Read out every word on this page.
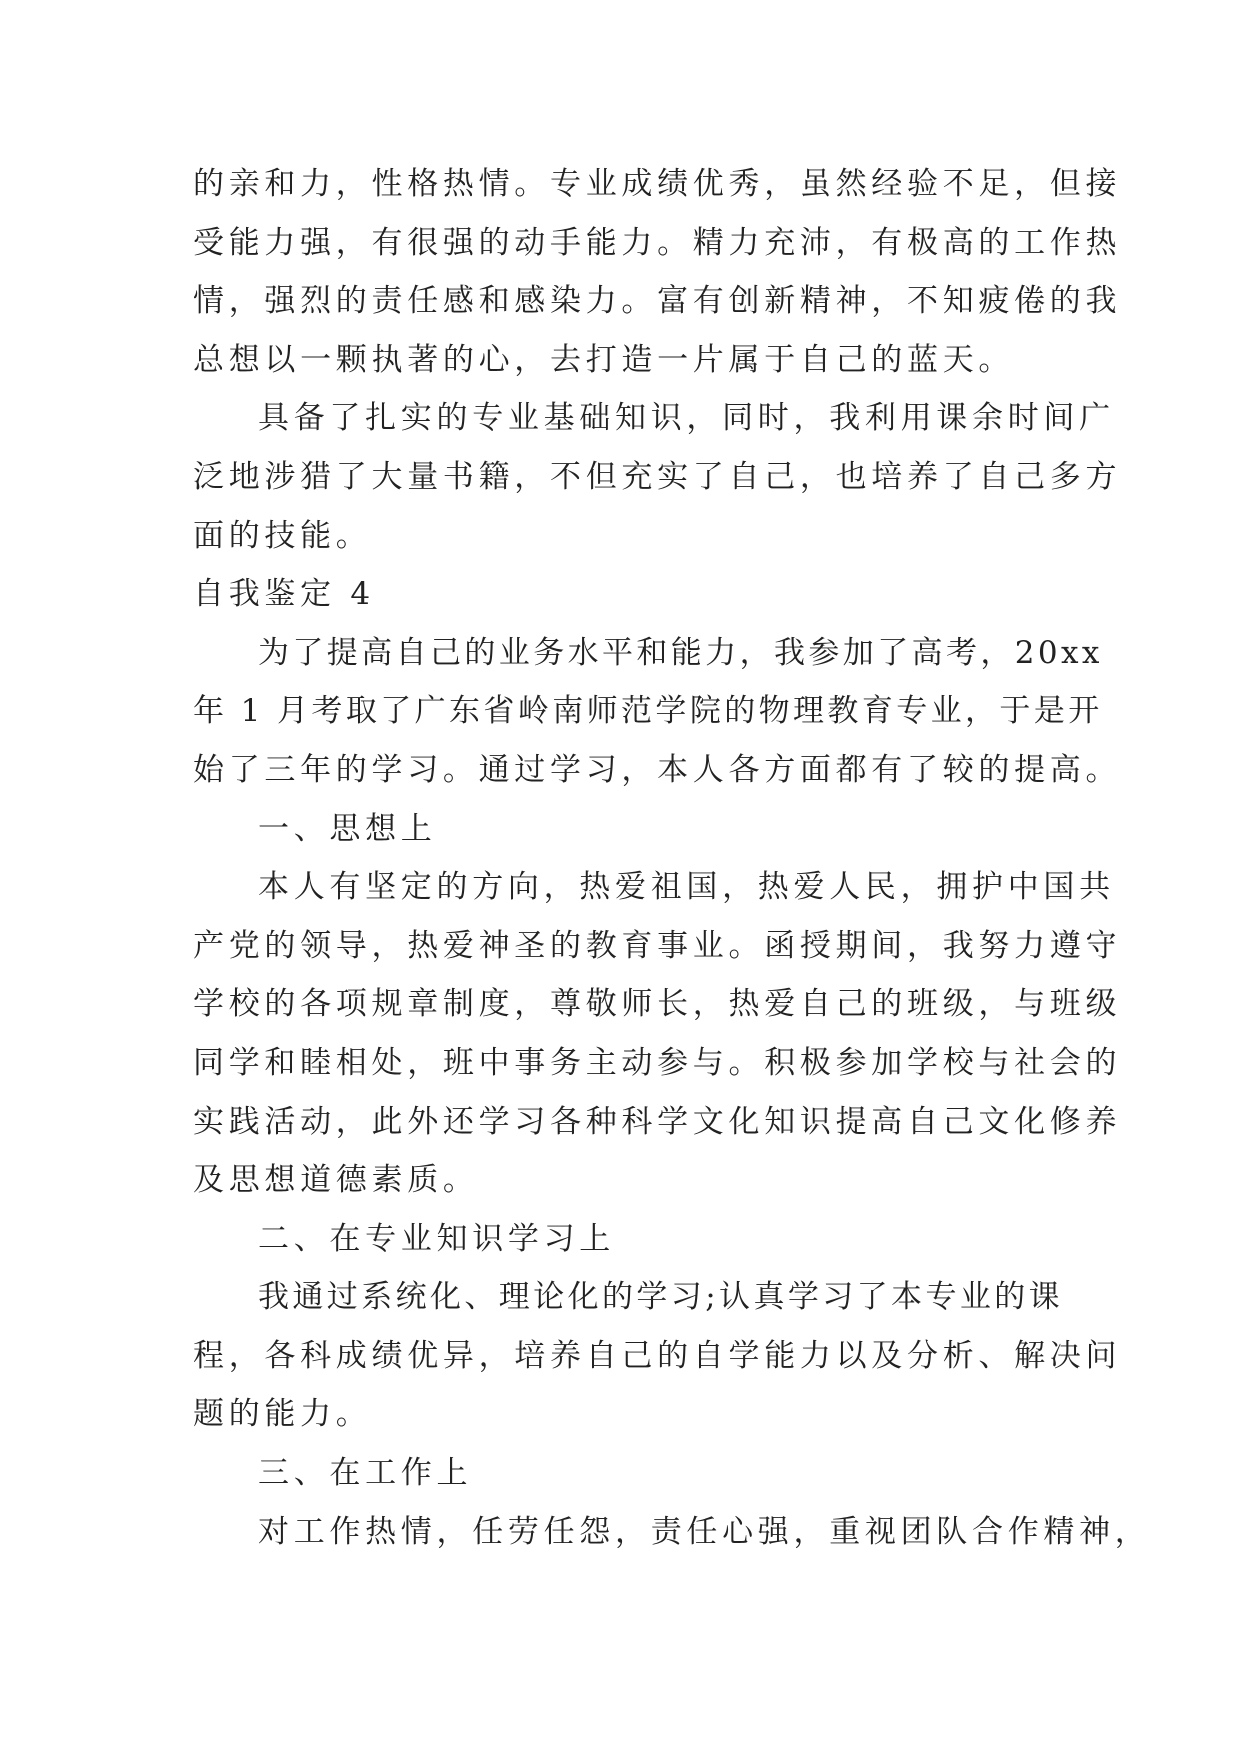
的亲和力，性格热情。专业成绩优秀，虽然经验不足，但接
受能力强，有很强的动手能力。精力充沛，有极高的工作热
情，强烈的责任感和感染力。富有创新精神，不知疲倦的我
总想以一颗执著的心，去打造一片属于自己的蓝天。
具备了扎实的专业基础知识，同时，我利用课余时间广
泛地涉猎了大量书籍，不但充实了自己，也培养了自己多方
面的技能。
自我鉴定 4
为了提高自己的业务水平和能力，我参加了高考，20xx
年 1 月考取了广东省岭南师范学院的物理教育专业，于是开
始了三年的学习。通过学习，本人各方面都有了较的提高。
一、思想上
本人有坚定的方向，热爱祖国，热爱人民，拥护中国共
产党的领导，热爱神圣的教育事业。函授期间，我努力遵守
学校的各项规章制度，尊敬师长，热爱自己的班级，与班级
同学和睦相处，班中事务主动参与。积极参加学校与社会的
实践活动，此外还学习各种科学文化知识提高自己文化修养
及思想道德素质。
二、在专业知识学习上
我通过系统化、理论化的学习;认真学习了本专业的课
程，各科成绩优异，培养自己的自学能力以及分析、解决问
题的能力。
三、在工作上
对工作热情，任劳任怨，责任心强，重视团队合作精神，
